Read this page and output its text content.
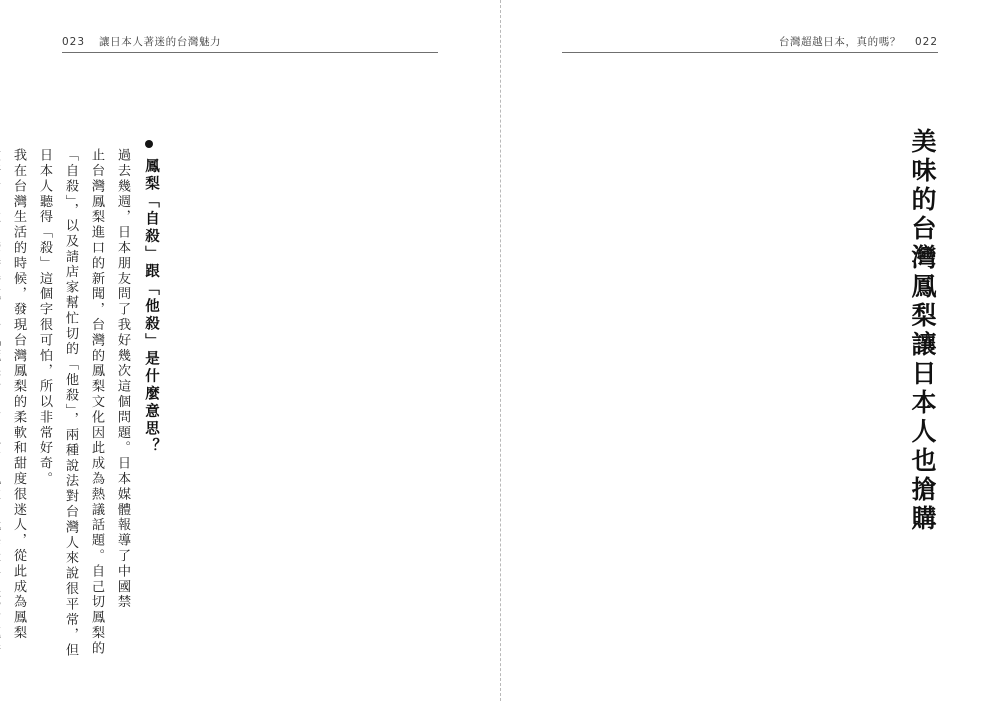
023 讓日本人著迷的台灣魅力	台灣超越日本，真的嗎？ 022
美味的台灣鳳梨讓日本人也搶購
鳳梨「自殺」跟「他殺」是什麼意思？
過去幾週，日本朋友問了我好幾次這個問題。日本媒體報導了中國禁
止台灣鳳梨進口的新聞，台灣的鳳梨文化因此成為熱議話題。自己切鳳梨的
「自殺」，以及請店家幫忙切的「他殺」，兩種說法對台灣人來說很平常，但
日本人聽得「殺」這個字很可怕，所以非常好奇。
我在台灣生活的時候，發現台灣鳳梨的柔軟和甜度很迷人，從此成為鳳梨
